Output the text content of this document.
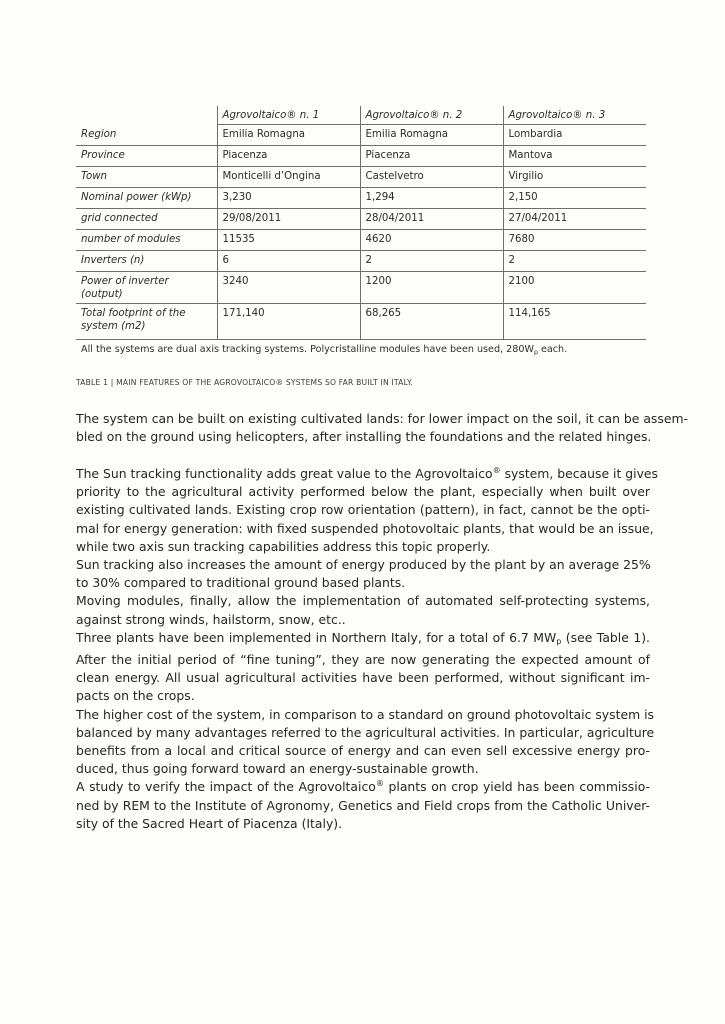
	Agrovoltaico® n. 1	Agrovoltaico® n. 2	Agrovoltaico® n. 3
Region	Emilia Romagna	Emilia Romagna	Lombardia
Province	Piacenza	Piacenza	Mantova
Town	Monticelli d’Ongina	Castelvetro	Virgilio
Nominal power (kWp)	3,230	1,294	2,150
grid connected	29/08/2011	28/04/2011	27/04/2011
number of modules	11535	4620	7680
Inverters (n)	6	2	2
Power of inverter (output)	3240	1200	2100
Total footprint of the system (m2)	171,140	68,265	114,165
All the systems are dual axis tracking systems. Polycristalline modules have been used, $280W_p$ each.
TABLE 1 | MAIN FEATURES OF THE AGROVOLTAICO® SYSTEMS SO FAR BUILT IN ITALY.

The system can be built on existing cultivated lands: for lower impact on the soil, it can be assem-
bled on the ground using helicopters, after installing the foundations and the related hinges.

The Sun tracking functionality adds great value to the Agrovoltaico® system, because it gives
priority to the agricultural activity performed below the plant, especially when built over
existing cultivated lands. Existing crop row orientation (pattern), in fact, cannot be the opti-
mal for energy generation: with fixed suspended photovoltaic plants, that would be an issue,
while two axis sun tracking capabilities address this topic properly.
Sun tracking also increases the amount of energy produced by the plant by an average 25%
to 30% compared to traditional ground based plants.
Moving modules, finally, allow the implementation of automated self-protecting systems,
against strong winds, hailstorm, snow, etc..
Three plants have been implemented in Northern Italy, for a total of 6.7 $MW_p$ (see Table 1).
After the initial period of “fine tuning”, they are now generating the expected amount of
clean energy. All usual agricultural activities have been performed, without significant im-
pacts on the crops.
The higher cost of the system, in comparison to a standard on ground photovoltaic system is
balanced by many advantages referred to the agricultural activities. In particular, agriculture
benefits from a local and critical source of energy and can even sell excessive energy pro-
duced, thus going forward toward an energy-sustainable growth.
A study to verify the impact of the Agrovoltaico® plants on crop yield has been commissio-
ned by REM to the Institute of Agronomy, Genetics and Field crops from the Catholic Univer-
sity of the Sacred Heart of Piacenza (Italy).
